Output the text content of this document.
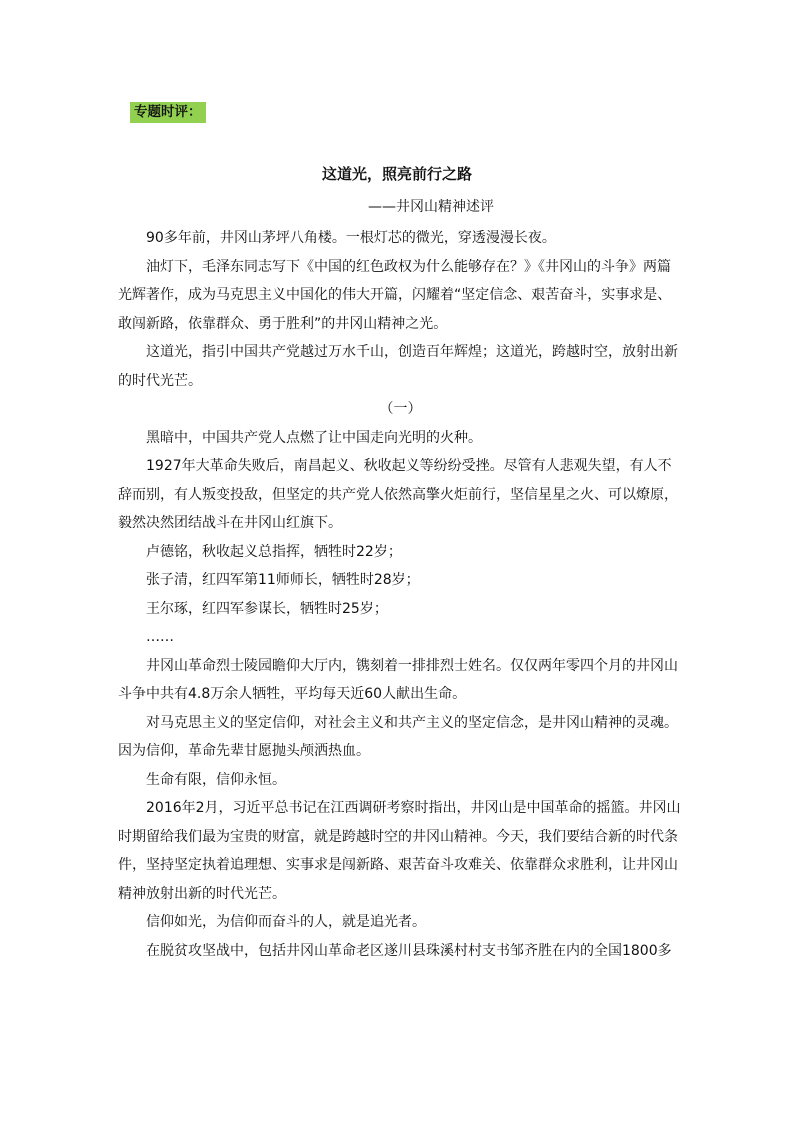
专题时评：
这道光，照亮前行之路
——井冈山精神述评

90多年前，井冈山茅坪八角楼。一根灯芯的微光，穿透漫漫长夜。

油灯下，毛泽东同志写下《中国的红色政权为什么能够存在？》《井冈山的斗争》两篇光辉著作，成为马克思主义中国化的伟大开篇，闪耀着“坚定信念、艰苦奋斗，实事求是、敢闯新路，依靠群众、勇于胜利”的井冈山精神之光。

这道光，指引中国共产党越过万水千山，创造百年辉煌；这道光，跨越时空，放射出新的时代光芒。

（一）

黑暗中，中国共产党人点燃了让中国走向光明的火种。

1927年大革命失败后，南昌起义、秋收起义等纷纷受挫。尽管有人悲观失望，有人不辞而别，有人叛变投敌，但坚定的共产党人依然高擎火炬前行，坚信星星之火、可以燎原，毅然决然团结战斗在井冈山红旗下。

卢德铭，秋收起义总指挥，牺牲时22岁；

张子清，红四军第11师师长，牺牲时28岁；

王尔琢，红四军参谋长，牺牲时25岁；

……

井冈山革命烈士陵园瞻仰大厅内，镌刻着一排排烈士姓名。仅仅两年零四个月的井冈山斗争中共有4.8万余人牺牲，平均每天近60人献出生命。

对马克思主义的坚定信仰，对社会主义和共产主义的坚定信念，是井冈山精神的灵魂。因为信仰，革命先辈甘愿抛头颅洒热血。

生命有限，信仰永恒。

2016年2月，习近平总书记在江西调研考察时指出，井冈山是中国革命的摇篮。井冈山时期留给我们最为宝贵的财富，就是跨越时空的井冈山精神。今天，我们要结合新的时代条件，坚持坚定执着追理想、实事求是闯新路、艰苦奋斗攻难关、依靠群众求胜利，让井冈山精神放射出新的时代光芒。

信仰如光，为信仰而奋斗的人，就是追光者。

在脱贫攻坚战中，包括井冈山革命老区遂川县珠溪村村支书邹齐胜在内的全国1800多
